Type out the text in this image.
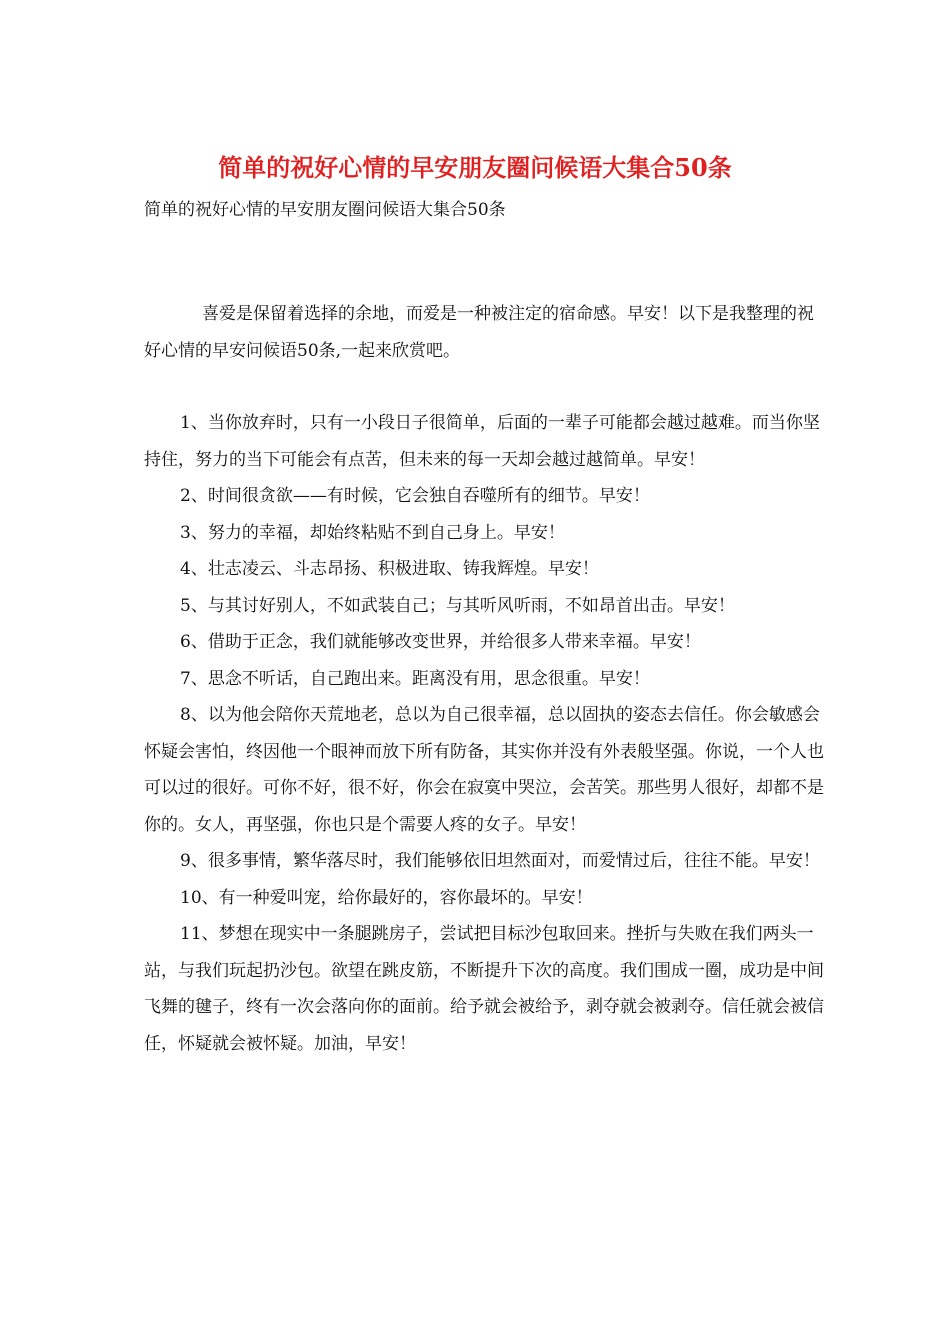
简单的祝好心情的早安朋友圈问候语大集合50条

简单的祝好心情的早安朋友圈问候语大集合50条

喜爱是保留着选择的余地，而爱是一种被注定的宿命感。早安！以下是我整理的祝好心情的早安问候语50条,一起来欣赏吧。

1、当你放弃时，只有一小段日子很简单，后面的一辈子可能都会越过越难。而当你坚持住，努力的当下可能会有点苦，但未来的每一天却会越过越简单。早安！
2、时间很贪欲——有时候，它会独自吞噬所有的细节。早安！
3、努力的幸福，却始终粘贴不到自己身上。早安！
4、壮志凌云、斗志昂扬、积极进取、铸我辉煌。早安！
5、与其讨好别人，不如武装自己；与其听风听雨，不如昂首出击。早安！
6、借助于正念，我们就能够改变世界，并给很多人带来幸福。早安！
7、思念不听话，自己跑出来。距离没有用，思念很重。早安！
8、以为他会陪你天荒地老，总以为自己很幸福，总以固执的姿态去信任。你会敏感会怀疑会害怕，终因他一个眼神而放下所有防备，其实你并没有外表般坚强。你说，一个人也可以过的很好。可你不好，很不好，你会在寂寞中哭泣，会苦笑。那些男人很好，却都不是你的。女人，再坚强，你也只是个需要人疼的女子。早安！
9、很多事情，繁华落尽时，我们能够依旧坦然面对，而爱情过后，往往不能。早安！
10、有一种爱叫宠，给你最好的，容你最坏的。早安！
11、梦想在现实中一条腿跳房子，尝试把目标沙包取回来。挫折与失败在我们两头一站，与我们玩起扔沙包。欲望在跳皮筋，不断提升下次的高度。我们围成一圈，成功是中间飞舞的毽子，终有一次会落向你的面前。给予就会被给予，剥夺就会被剥夺。信任就会被信任，怀疑就会被怀疑。加油，早安！
